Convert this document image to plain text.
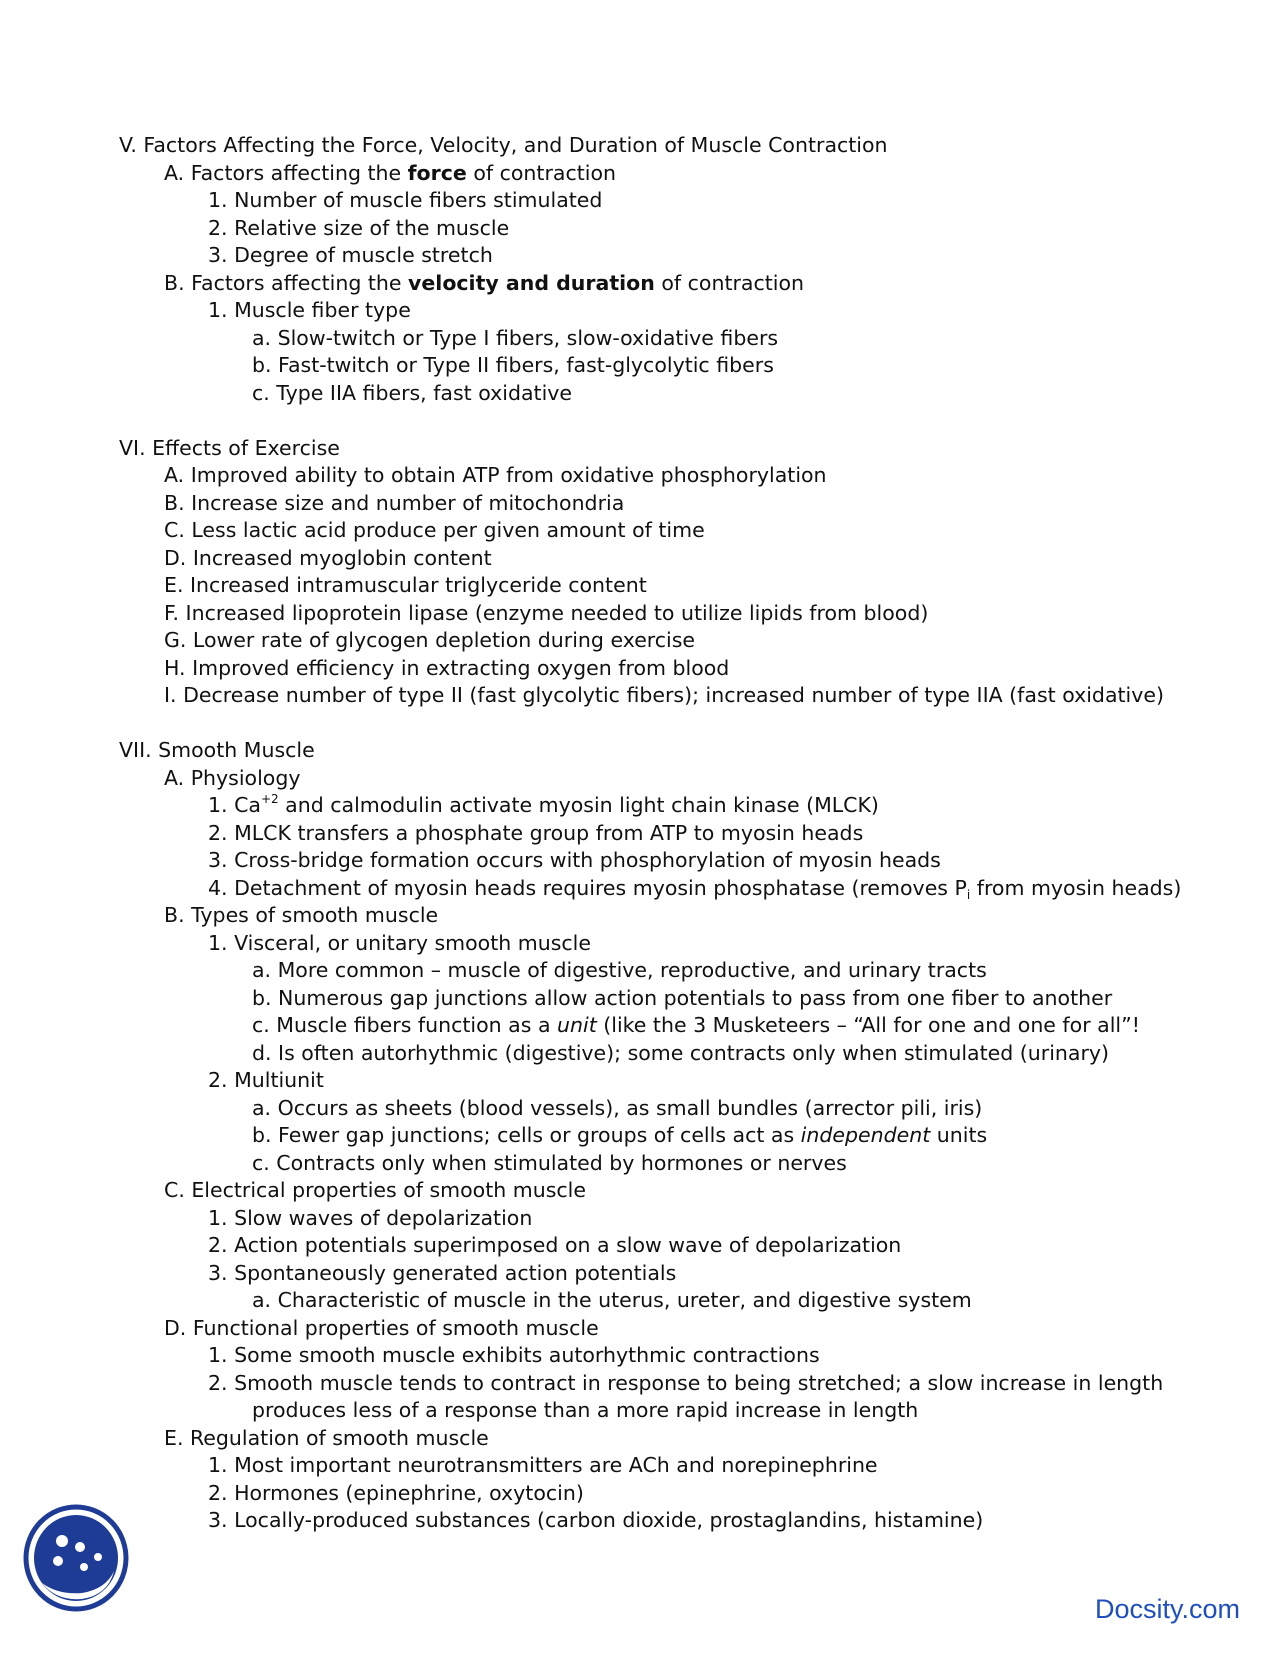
V. Factors Affecting the Force, Velocity, and Duration of Muscle Contraction
A. Factors affecting the force of contraction
1. Number of muscle fibers stimulated
2. Relative size of the muscle
3. Degree of muscle stretch
B. Factors affecting the velocity and duration of contraction
1. Muscle fiber type
a. Slow-twitch or Type I fibers, slow-oxidative fibers
b. Fast-twitch or Type II fibers, fast-glycolytic fibers
c. Type IIA fibers, fast oxidative
VI. Effects of Exercise
A. Improved ability to obtain ATP from oxidative phosphorylation
B. Increase size and number of mitochondria
C. Less lactic acid produce per given amount of time
D. Increased myoglobin content
E. Increased intramuscular triglyceride content
F. Increased lipoprotein lipase (enzyme needed to utilize lipids from blood)
G. Lower rate of glycogen depletion during exercise
H. Improved efficiency in extracting oxygen from blood
I. Decrease number of type II (fast glycolytic fibers); increased number of type IIA (fast oxidative)
VII. Smooth Muscle
A. Physiology
1. $Ca^{+2}$ and calmodulin activate myosin light chain kinase (MLCK)
2. MLCK transfers a phosphate group from ATP to myosin heads
3. Cross-bridge formation occurs with phosphorylation of myosin heads
4. Detachment of myosin heads requires myosin phosphatase (removes $P_i$ from myosin heads)
B. Types of smooth muscle
1. Visceral, or unitary smooth muscle
a. More common – muscle of digestive, reproductive, and urinary tracts
b. Numerous gap junctions allow action potentials to pass from one fiber to another
c. Muscle fibers function as a unit (like the 3 Musketeers – “All for one and one for all”!
d. Is often autorhythmic (digestive); some contracts only when stimulated (urinary)
2. Multiunit
a. Occurs as sheets (blood vessels), as small bundles (arrector pili, iris)
b. Fewer gap junctions; cells or groups of cells act as independent units
c. Contracts only when stimulated by hormones or nerves
C. Electrical properties of smooth muscle
1. Slow waves of depolarization
2. Action potentials superimposed on a slow wave of depolarization
3. Spontaneously generated action potentials
a. Characteristic of muscle in the uterus, ureter, and digestive system
D. Functional properties of smooth muscle
1. Some smooth muscle exhibits autorhythmic contractions
2. Smooth muscle tends to contract in response to being stretched; a slow increase in length
produces less of a response than a more rapid increase in length
E. Regulation of smooth muscle
1. Most important neurotransmitters are ACh and norepinephrine
2. Hormones (epinephrine, oxytocin)
3. Locally-produced substances (carbon dioxide, prostaglandins, histamine)
Docsity.com
